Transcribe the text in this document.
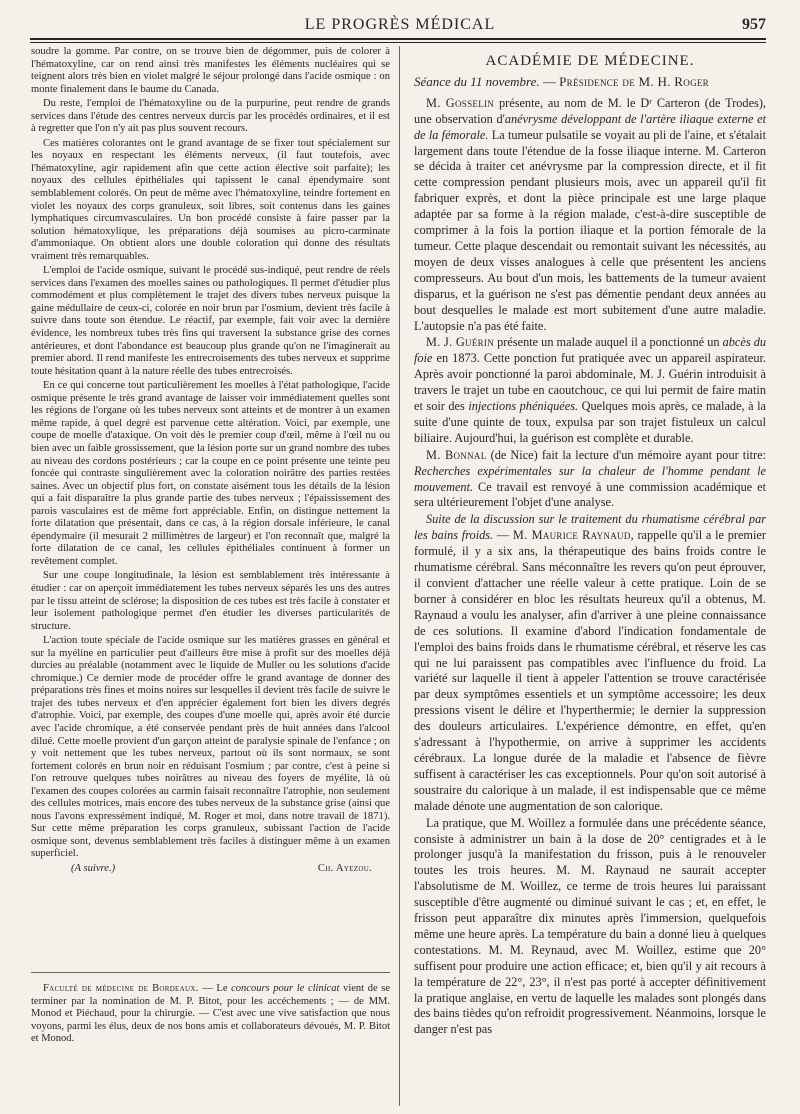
LE PROGRÈS MÉDICAL	957

soudre la gomme. Par contre, on se trouve bien de dégommer, puis de colorer à l'hématoxyline, car on rend ainsi très manifestes les éléments nucléaires qui se teignent alors très bien en violet malgré le séjour prolongé dans l'acide osmique : on monte finalement dans le baume du Canada.

Du reste, l'emploi de l'hématoxyline ou de la purpurine, peut rendre de grands services dans l'étude des centres nerveux durcis par les procédés ordinaires, et il est à regretter que l'on n'y ait pas plus souvent recours.

Ces matières colorantes ont le grand avantage de se fixer tout spécialement sur les noyaux en respectant les éléments nerveux, (il faut toutefois, avec l'hématoxyline, agir rapidement afin que cette action élective soit parfaite); les noyaux des cellules épithéliales qui tapissent le canal épendymaire sont semblablement colorés. On peut de même avec l'hématoxyline, teindre fortement en violet les noyaux des corps granuleux, soit libres, soit contenus dans les gaines lymphatiques circumvasculaires. Un bon procédé consiste à faire passer par la solution hématoxylique, les préparations déjà soumises au picro-carminate d'ammoniaque. On obtient alors une double coloration qui donne des résultats vraiment très remarquables.

L'emploi de l'acide osmique, suivant le procédé sus-indiqué, peut rendre de réels services dans l'examen des moelles saines ou pathologiques. Il permet d'étudier plus commodément et plus complètement le trajet des divers tubes nerveux puisque la gaine médullaire de ceux-ci, colorée en noir brun par l'osmium, devient très facile à suivre dans toute son étendue. Le réactif, par exemple, fait voir avec la dernière évidence, les nombreux tubes très fins qui traversent la substance grise des cornes antérieures, et dont l'abondance est beaucoup plus grande qu'on ne l'imaginerait au premier abord. Il rend manifeste les entrecroisements des tubes nerveux et supprime toute hésitation quant à la nature réelle des tubes entrecroisés.

En ce qui concerne tout particulièrement les moelles à l'état pathologique, l'acide osmique présente le très grand avantage de laisser voir immédiatement quelles sont les régions de l'organe où les tubes nerveux sont atteints et de montrer à un examen même rapide, à quel degré est parvenue cette altération. Voici, par exemple, une coupe de moelle d'ataxique. On voit dès le premier coup d'œil, même à l'œil nu ou bien avec un faible grossissement, que la lésion porte sur un grand nombre des tubes au niveau des cordons postérieurs ; car la coupe en ce point présente une teinte peu foncée qui contraste singulièrement avec la coloration noirâtre des parties restées saines. Avec un objectif plus fort, on constate aisément tous les détails de la lésion qui a fait disparaître la plus grande partie des tubes nerveux ; l'épaississement des parois vasculaires est de même fort appréciable. Enfin, on distingue nettement la forte dilatation que présentait, dans ce cas, à la région dorsale inférieure, le canal épendymaire (il mesurait 2 millimètres de largeur) et l'on reconnaît que, malgré la forte dilatation de ce canal, les cellules épithéliales continuent à former un revêtement complet.

Sur une coupe longitudinale, la lésion est semblablement très intéressante à étudier : car on aperçoit immédiatement les tubes nerveux séparés les uns des autres par le tissu atteint de sclérose; la disposition de ces tubes est très facile à constater et leur isolement pathologique permet d'en étudier les diverses particularités de structure.

L'action toute spéciale de l'acide osmique sur les matières grasses en général et sur la myéline en particulier peut d'ailleurs être mise à profit sur des moelles déjà durcies au préalable (notamment avec le liquide de Muller ou les solutions d'acide chromique.) Ce dernier mode de procéder offre le grand avantage de donner des préparations très fines et moins noires sur lesquelles il devient très facile de suivre le trajet des tubes nerveux et d'en apprécier également fort bien les divers degrés d'atrophie. Voici, par exemple, des coupes d'une moelle qui, après avoir été durcie avec l'acide chromique, a été conservée pendant près de huit années dans l'alcool dilué. Cette moelle provient d'un garçon atteint de paralysie spinale de l'enfance ; on y voit nettement que les tubes nerveux, partout où ils sont normaux, se sont fortement colorés en brun noir en réduisant l'osmium ; par contre, c'est à peine si l'on retrouve quelques tubes noirâtres au niveau des foyers de myélite, là où l'examen des coupes colorées au carmin faisait reconnaître l'atrophie, non seulement des cellules motrices, mais encore des tubes nerveux de la substance grise (ainsi que nous l'avons expressément indiqué, M. Roger et moi, dans notre travail de 1871). Sur cette même préparation les corps granuleux, subissant l'action de l'acide osmique sont, devenus semblablement très faciles à distinguer même à un examen superficiel.

(A suivre.)	Ch. Ayezou.
Faculté de médecine de Bordeaux. — Le concours pour le clinicat vient de se terminer par la nomination de M. P. Bitot, pour les accéchements ; — de MM. Monod et Piéchaud, pour la chirurgie. — C'est avec une vive satisfaction que nous voyons, parmi les élus, deux de nos bons amis et collaborateurs dévoués, M. P. Bitot et Monod.
ACADÉMIE DE MÉDECINE.
Séance du 11 novembre. — Présidence de M. H. Roger

M. Gosselin présente, au nom de M. le Dʳ Carteron (de Trodes), une observation d'anévrysme développant de l'artère iliaque externe et de la fémorale. La tumeur pulsatile se voyait au pli de l'aine, et s'étalait largement dans toute l'étendue de la fosse iliaque interne. M. Carteron se décida à traiter cet anévrysme par la compression directe, et il fit cette compression pendant plusieurs mois, avec un appareil qu'il fit fabriquer exprès, et dont la pièce principale est une large plaque adaptée par sa forme à la région malade, c'est-à-dire susceptible de comprimer à la fois la portion iliaque et la portion fémorale de la tumeur. Cette plaque descendait ou remontait suivant les nécessités, au moyen de deux visses analogues à celle que présentent les anciens compresseurs. Au bout d'un mois, les battements de la tumeur avaient disparus, et la guérison ne s'est pas démentie pendant deux années au bout desquelles le malade est mort subitement d'une autre maladie. L'autopsie n'a pas été faite.

M. J. Guérin présente un malade auquel il a ponctionné un abcès du foie en 1873. Cette ponction fut pratiquée avec un appareil aspirateur. Après avoir ponctionné la paroi abdominale, M. J. Guérin introduisit à travers le trajet un tube en caoutchouc, ce qui lui permit de faire matin et soir des injections phéniquées. Quelques mois après, ce malade, à la suite d'une quinte de toux, expulsa par son trajet fistuleux un calcul biliaire. Aujourd'hui, la guérison est complète et durable.

M. Bonnal (de Nice) fait la lecture d'un mémoire ayant pour titre: Recherches expérimentales sur la chaleur de l'homme pendant le mouvement. Ce travail est renvoyé à une commission académique et sera ultérieurement l'objet d'une analyse.

Suite de la discussion sur le traitement du rhumatisme cérébral par les bains froids. — M. Maurice Raynaud, rappelle qu'il a le premier formulé, il y a six ans, la thérapeutique des bains froids contre le rhumatisme cérébral. Sans méconnaître les revers qu'on peut éprouver, il convient d'attacher une réelle valeur à cette pratique. Loin de se borner à considérer en bloc les résultats heureux qu'il a obtenus, M. Raynaud a voulu les analyser, afin d'arriver à une pleine connaissance de ces solutions. Il examine d'abord l'indication fondamentale de l'emploi des bains froids dans le rhumatisme cérébral, et réserve les cas qui ne lui paraissent pas compatibles avec l'influence du froid. La variété sur laquelle il tient à appeler l'attention se trouve caractérisée par deux symptômes essentiels et un symptôme accessoire; les deux pressions visent le délire et l'hyperthermie; le dernier la suppression des douleurs articulaires. L'expérience démontre, en effet, qu'en s'adressant à l'hypothermie, on arrive à supprimer les accidents cérébraux. La longue durée de la maladie et l'absence de fièvre suffisent à caractériser les cas exceptionnels. Pour qu'on soit autorisé à soustraire du calorique à un malade, il est indispensable que ce même malade dénote une augmentation de son calorique.

La pratique, que M. Woillez a formulée dans une précédente séance, consiste à administrer un bain à la dose de 20° centigrades et à le prolonger jusqu'à la manifestation du frisson, puis à le renouveler toutes les trois heures. M. M. Raynaud ne saurait accepter l'absolutisme de M. Woillez, ce terme de trois heures lui paraissant susceptible d'être augmenté ou diminué suivant le cas ; et, en effet, le frisson peut apparaître dix minutes après l'immersion, quelquefois même une heure après. La température du bain a donné lieu à quelques contestations. M. M. Reynaud, avec M. Woillez, estime que 20° suffisent pour produire une action efficace; et, bien qu'il y ait recours à la température de 22°, 23°, il n'est pas porté à accepter définitivement la pratique anglaise, en vertu de laquelle les malades sont plongés dans des bains tièdes qu'on refroidit progressivement. Néanmoins, lorsque le danger n'est pas
